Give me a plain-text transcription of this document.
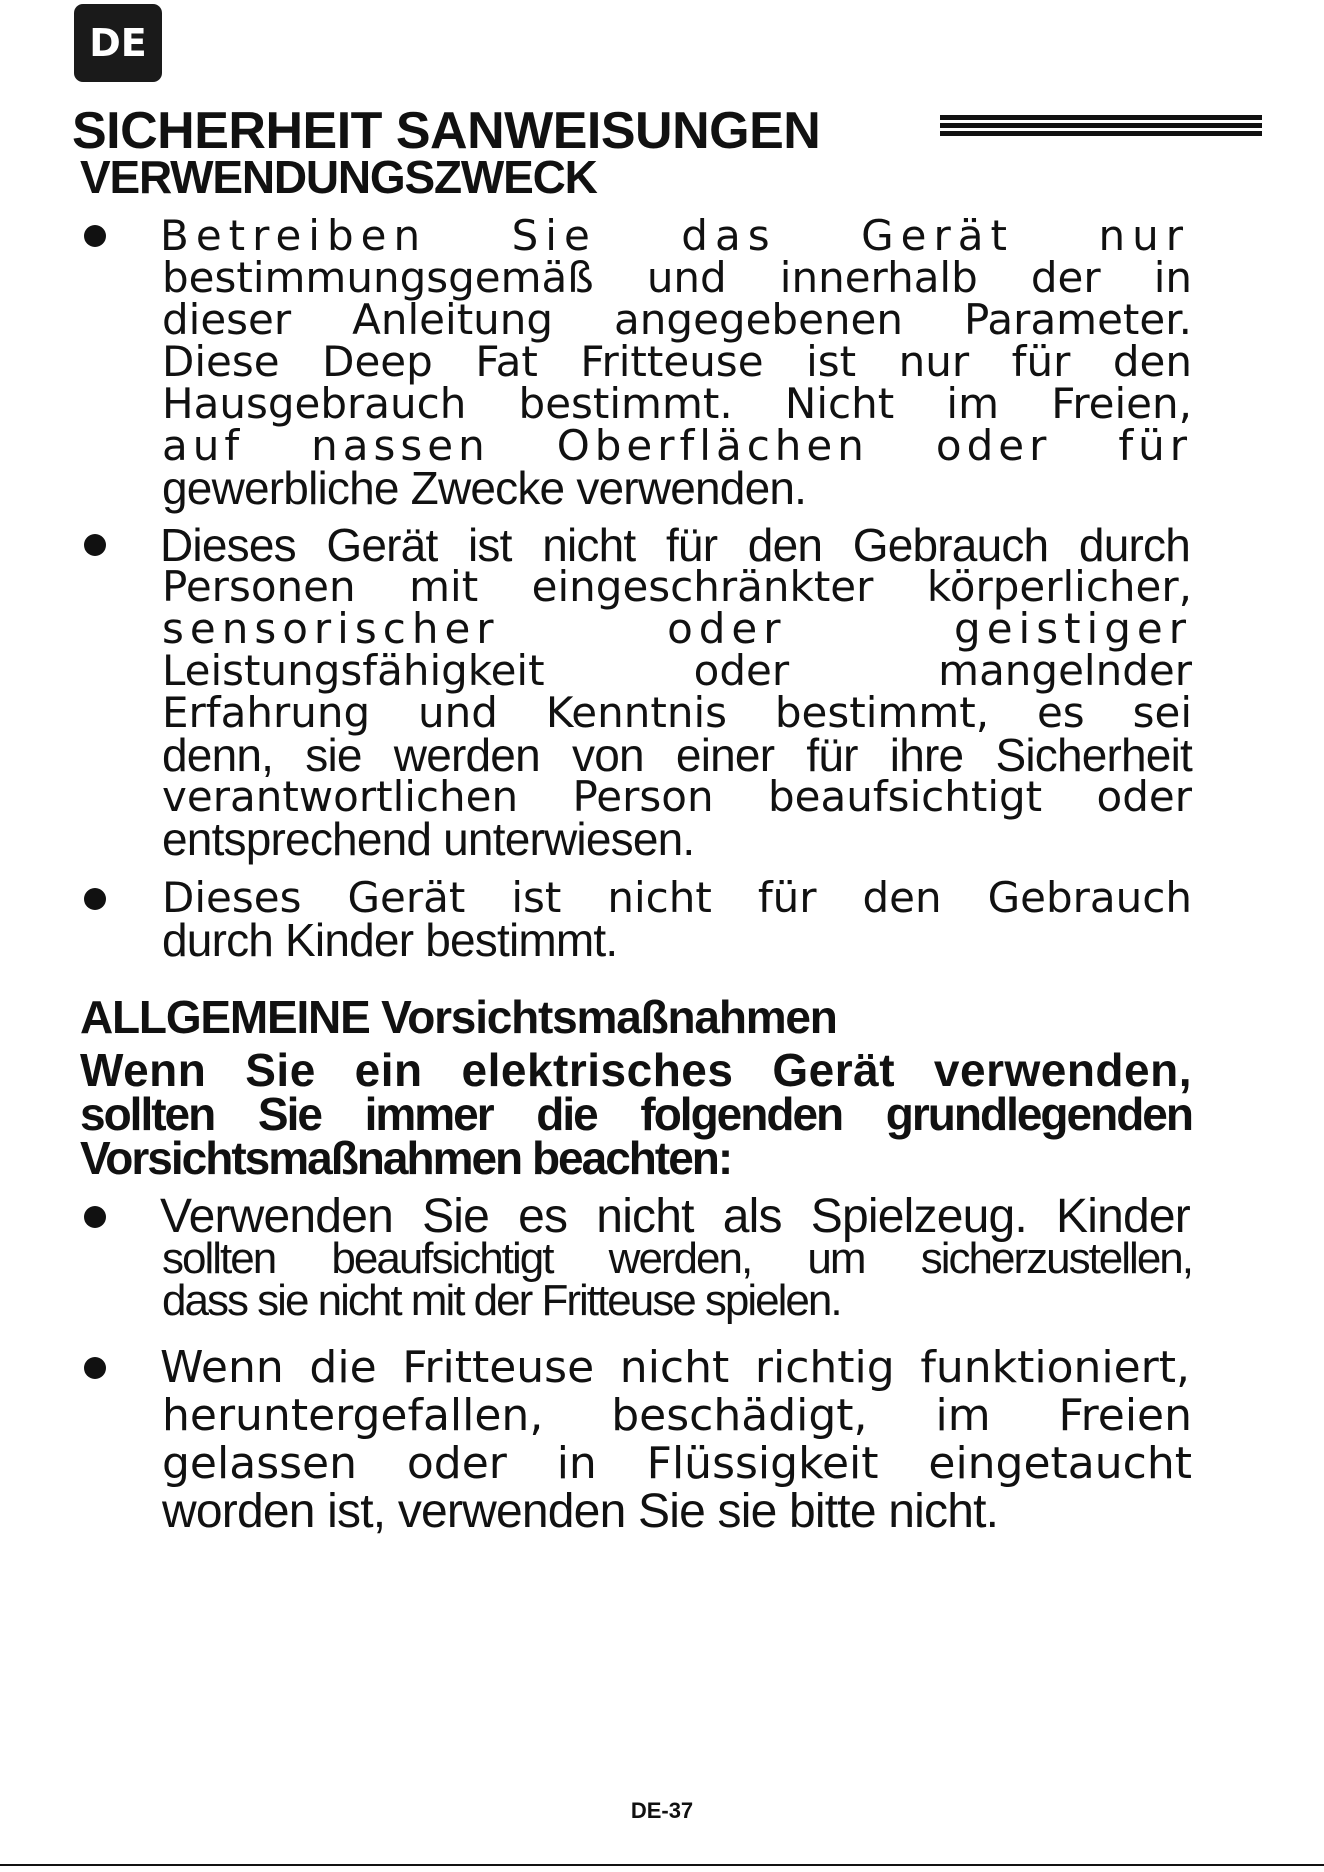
DE
SICHERHEIT SANWEISUNGEN
VERWENDUNGSZWECK
Betreiben Sie das Gerät nur
bestimmungsgemäß und innerhalb der in
dieser Anleitung angegebenen Parameter.
Diese Deep Fat Fritteuse ist nur für den
Hausgebrauch bestimmt. Nicht im Freien,
auf nassen Oberflächen oder für
gewerbliche Zwecke verwenden.
Dieses Gerät ist nicht für den Gebrauch durch
Personen mit eingeschränkter körperlicher,
sensorischer oder geistiger
Leistungsfähigkeit oder mangelnder
Erfahrung und Kenntnis bestimmt, es sei
denn, sie werden von einer für ihre Sicherheit
verantwortlichen Person beaufsichtigt oder
entsprechend unterwiesen.
Dieses Gerät ist nicht für den Gebrauch
durch Kinder bestimmt.
ALLGEMEINE Vorsichtsmaßnahmen
Wenn Sie ein elektrisches Gerät verwenden,
sollten Sie immer die folgenden grundlegenden
Vorsichtsmaßnahmen beachten:
Verwenden Sie es nicht als Spielzeug. Kinder
sollten beaufsichtigt werden, um sicherzustellen,
dass sie nicht mit der Fritteuse spielen.
Wenn die Fritteuse nicht richtig funktioniert,
heruntergefallen, beschädigt, im Freien
gelassen oder in Flüssigkeit eingetaucht
worden ist, verwenden Sie sie bitte nicht.
DE-37
